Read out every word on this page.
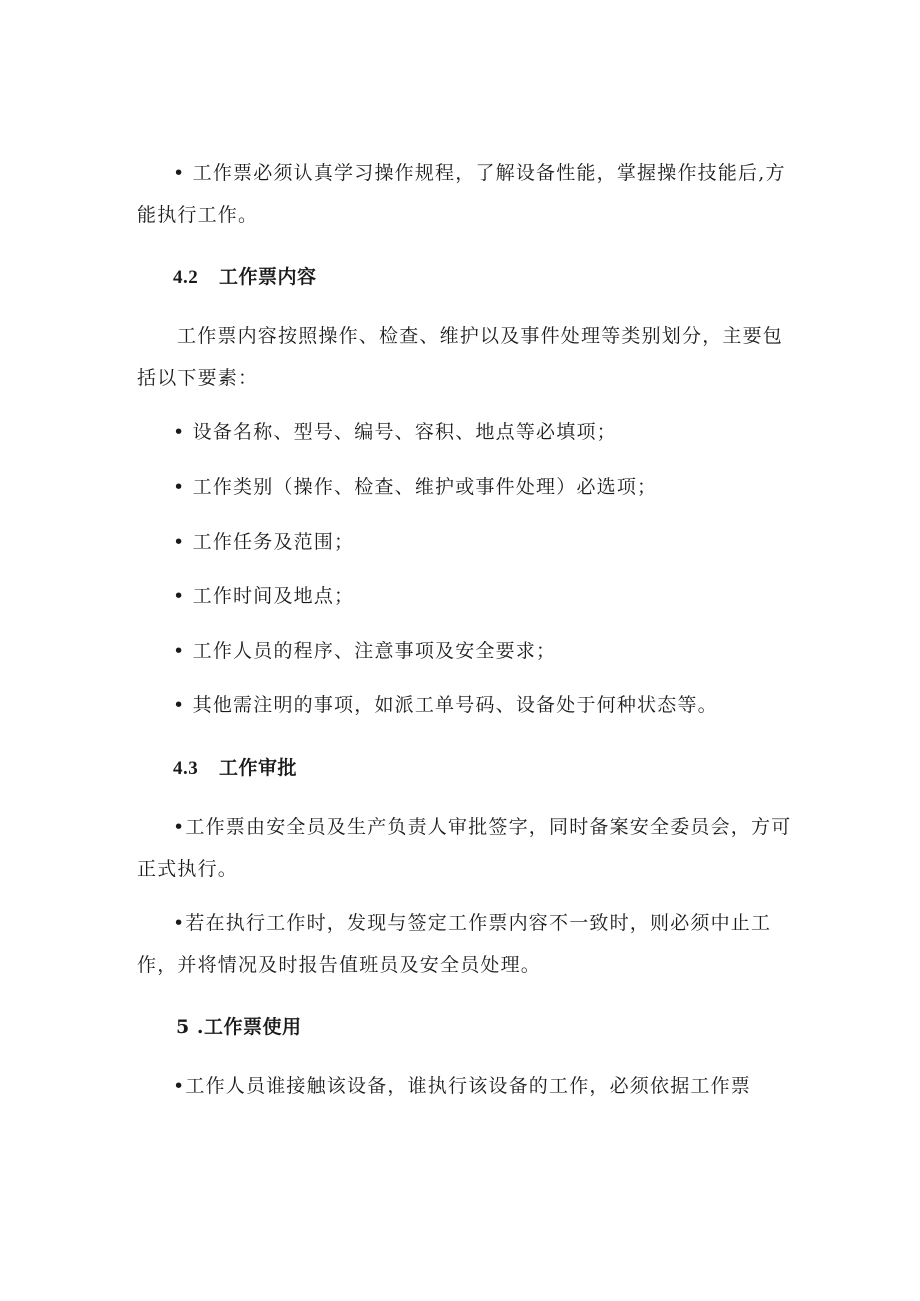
• 工作票必须认真学习操作规程，了解设备性能，掌握操作技能后,方
能执行工作。
4.2 工作票内容
工作票内容按照操作、检查、维护以及事件处理等类别划分，主要包
括以下要素：
• 设备名称、型号、编号、容积、地点等必填项；
• 工作类别（操作、检查、维护或事件处理）必选项；
• 工作任务及范围；
• 工作时间及地点；
• 工作人员的程序、注意事项及安全要求；
• 其他需注明的事项，如派工单号码、设备处于何种状态等。
4.3 工作审批
•工作票由安全员及生产负责人审批签字，同时备案安全委员会，方可
正式执行。
•若在执行工作时，发现与签定工作票内容不一致时，则必须中止工
作，并将情况及时报告值班员及安全员处理。
5 .工作票使用
•工作人员谁接触该设备，谁执行该设备的工作，必须依据工作票
